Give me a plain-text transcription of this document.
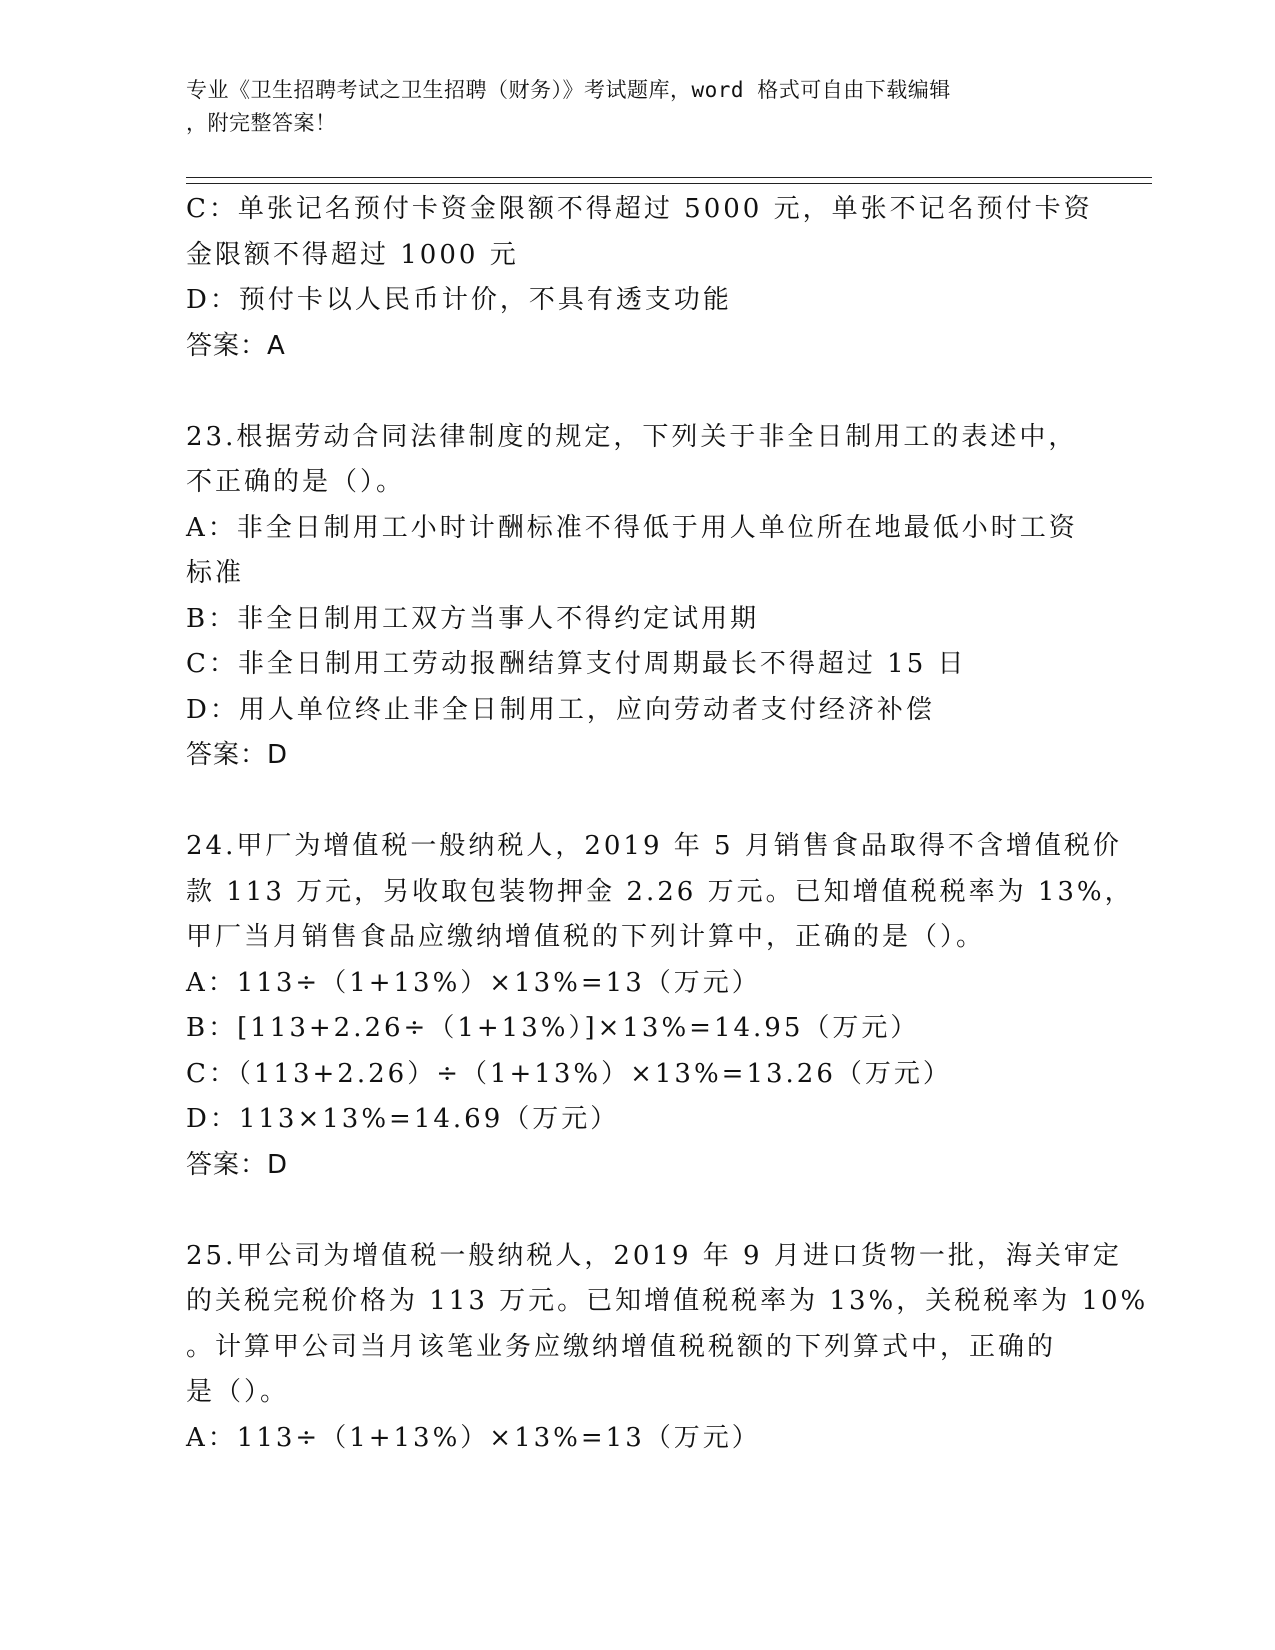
专业《卫生招聘考试之卫生招聘（财务）》考试题库，word 格式可自由下载编辑
，附完整答案！
C：单张记名预付卡资金限额不得超过 5000 元，单张不记名预付卡资
金限额不得超过 1000 元
D：预付卡以人民币计价，不具有透支功能
答案：A
23.根据劳动合同法律制度的规定，下列关于非全日制用工的表述中，
不正确的是（）。
A：非全日制用工小时计酬标准不得低于用人单位所在地最低小时工资
标准
B：非全日制用工双方当事人不得约定试用期
C：非全日制用工劳动报酬结算支付周期最长不得超过 15 日
D：用人单位终止非全日制用工，应向劳动者支付经济补偿
答案：D
24.甲厂为增值税一般纳税人，2019 年 5 月销售食品取得不含增值税价
款 113 万元，另收取包装物押金 2.26 万元。已知增值税税率为 13%，
甲厂当月销售食品应缴纳增值税的下列计算中，正确的是（）。
A：113÷（1+13%）×13%=13（万元）
B：[113+2.26÷（1+13%）]×13%=14.95（万元）
C：（113+2.26）÷（1+13%）×13%=13.26（万元）
D：113×13%=14.69（万元）
答案：D
25.甲公司为增值税一般纳税人，2019 年 9 月进口货物一批，海关审定
的关税完税价格为 113 万元。已知增值税税率为 13%，关税税率为 10%
。计算甲公司当月该笔业务应缴纳增值税税额的下列算式中，正确的
是（）。
A：113÷（1+13%）×13%=13（万元）
